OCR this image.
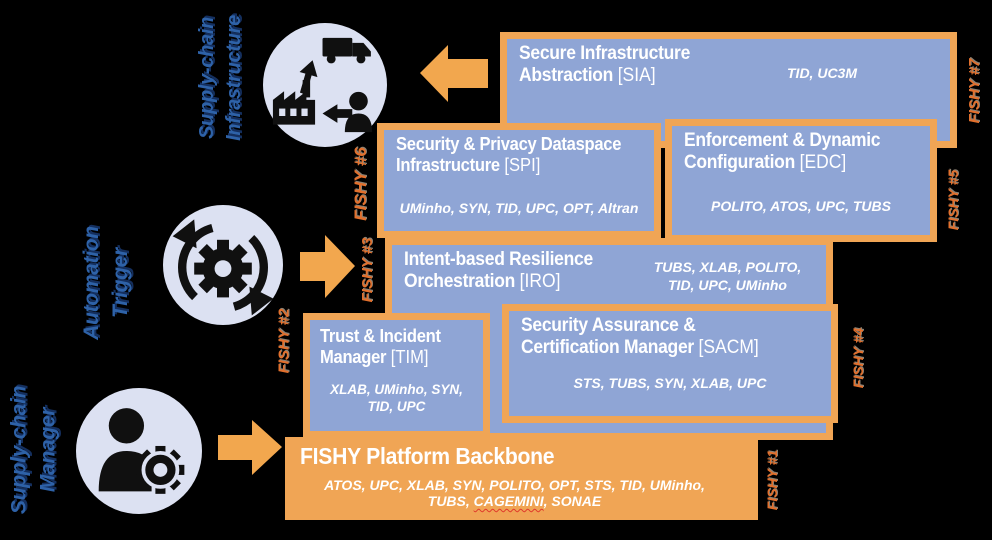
Secure Infrastructure
Abstraction [SIA]	TID, UC3M
Security & Privacy Dataspace
Infrastructure [SPI]
UMinho, SYN, TID, UPC, OPT, Altran
Enforcement & Dynamic
Configuration [EDC]
POLITO, ATOS, UPC, TUBS
Intent-based Resilience
Orchestration [IRO]
TUBS, XLAB, POLITO,
TID, UPC, UMinho
Trust & Incident
Manager [TIM]
XLAB, UMinho, SYN,
TID, UPC
Security Assurance &
Certification Manager [SACM]
STS, TUBS, SYN, XLAB, UPC
FISHY Platform Backbone
ATOS, UPC, XLAB, SYN, POLITO, OPT, STS, TID, UMinho,
TUBS, CAGEMINI, SONAE
FISHY #7
FISHY #6	FISHY #5
FISHY #3
FISHY #2	FISHY #4
FISHY #1
Supply-chain Infrastructure
Automation Trigger
Supply-chain Manager
